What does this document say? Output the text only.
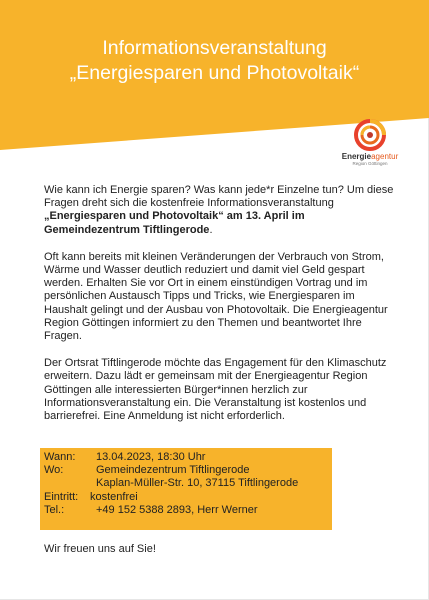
Informationsveranstaltung
„Energiesparen und Photovoltaik“
Energieagentur
Region Göttingen

Wie kann ich Energie sparen? Was kann jede*r Einzelne tun? Um diese Fragen dreht sich die kostenfreie Informationsveranstaltung „Energiesparen und Photovoltaik“ am 13. April im Gemeindezentrum Tiftlingerode.

Oft kann bereits mit kleinen Veränderungen der Verbrauch von Strom, Wärme und Wasser deutlich reduziert und damit viel Geld gespart werden. Erhalten Sie vor Ort in einem einstündigen Vortrag und im persönlichen Austausch Tipps und Tricks, wie Energiesparen im Haushalt gelingt und der Ausbau von Photovoltaik. Die Energieagentur Region Göttingen informiert zu den Themen und beantwortet Ihre Fragen.

Der Ortsrat Tiftlingerode möchte das Engagement für den Klimaschutz erweitern. Dazu lädt er gemeinsam mit der Energieagentur Region Göttingen alle interessierten Bürger*innen herzlich zur Informationsveranstaltung ein. Die Veranstaltung ist kostenlos und barrierefrei. Eine Anmeldung ist nicht erforderlich.

Wann:	13.04.2023, 18:30 Uhr
Wo:	Gemeindezentrum Tiftlingerode
Kaplan-Müller-Str. 10, 37115 Tiftlingerode
Eintritt:	kostenfrei
Tel.:	+49 152 5388 2893, Herr Werner
Wir freuen uns auf Sie!
